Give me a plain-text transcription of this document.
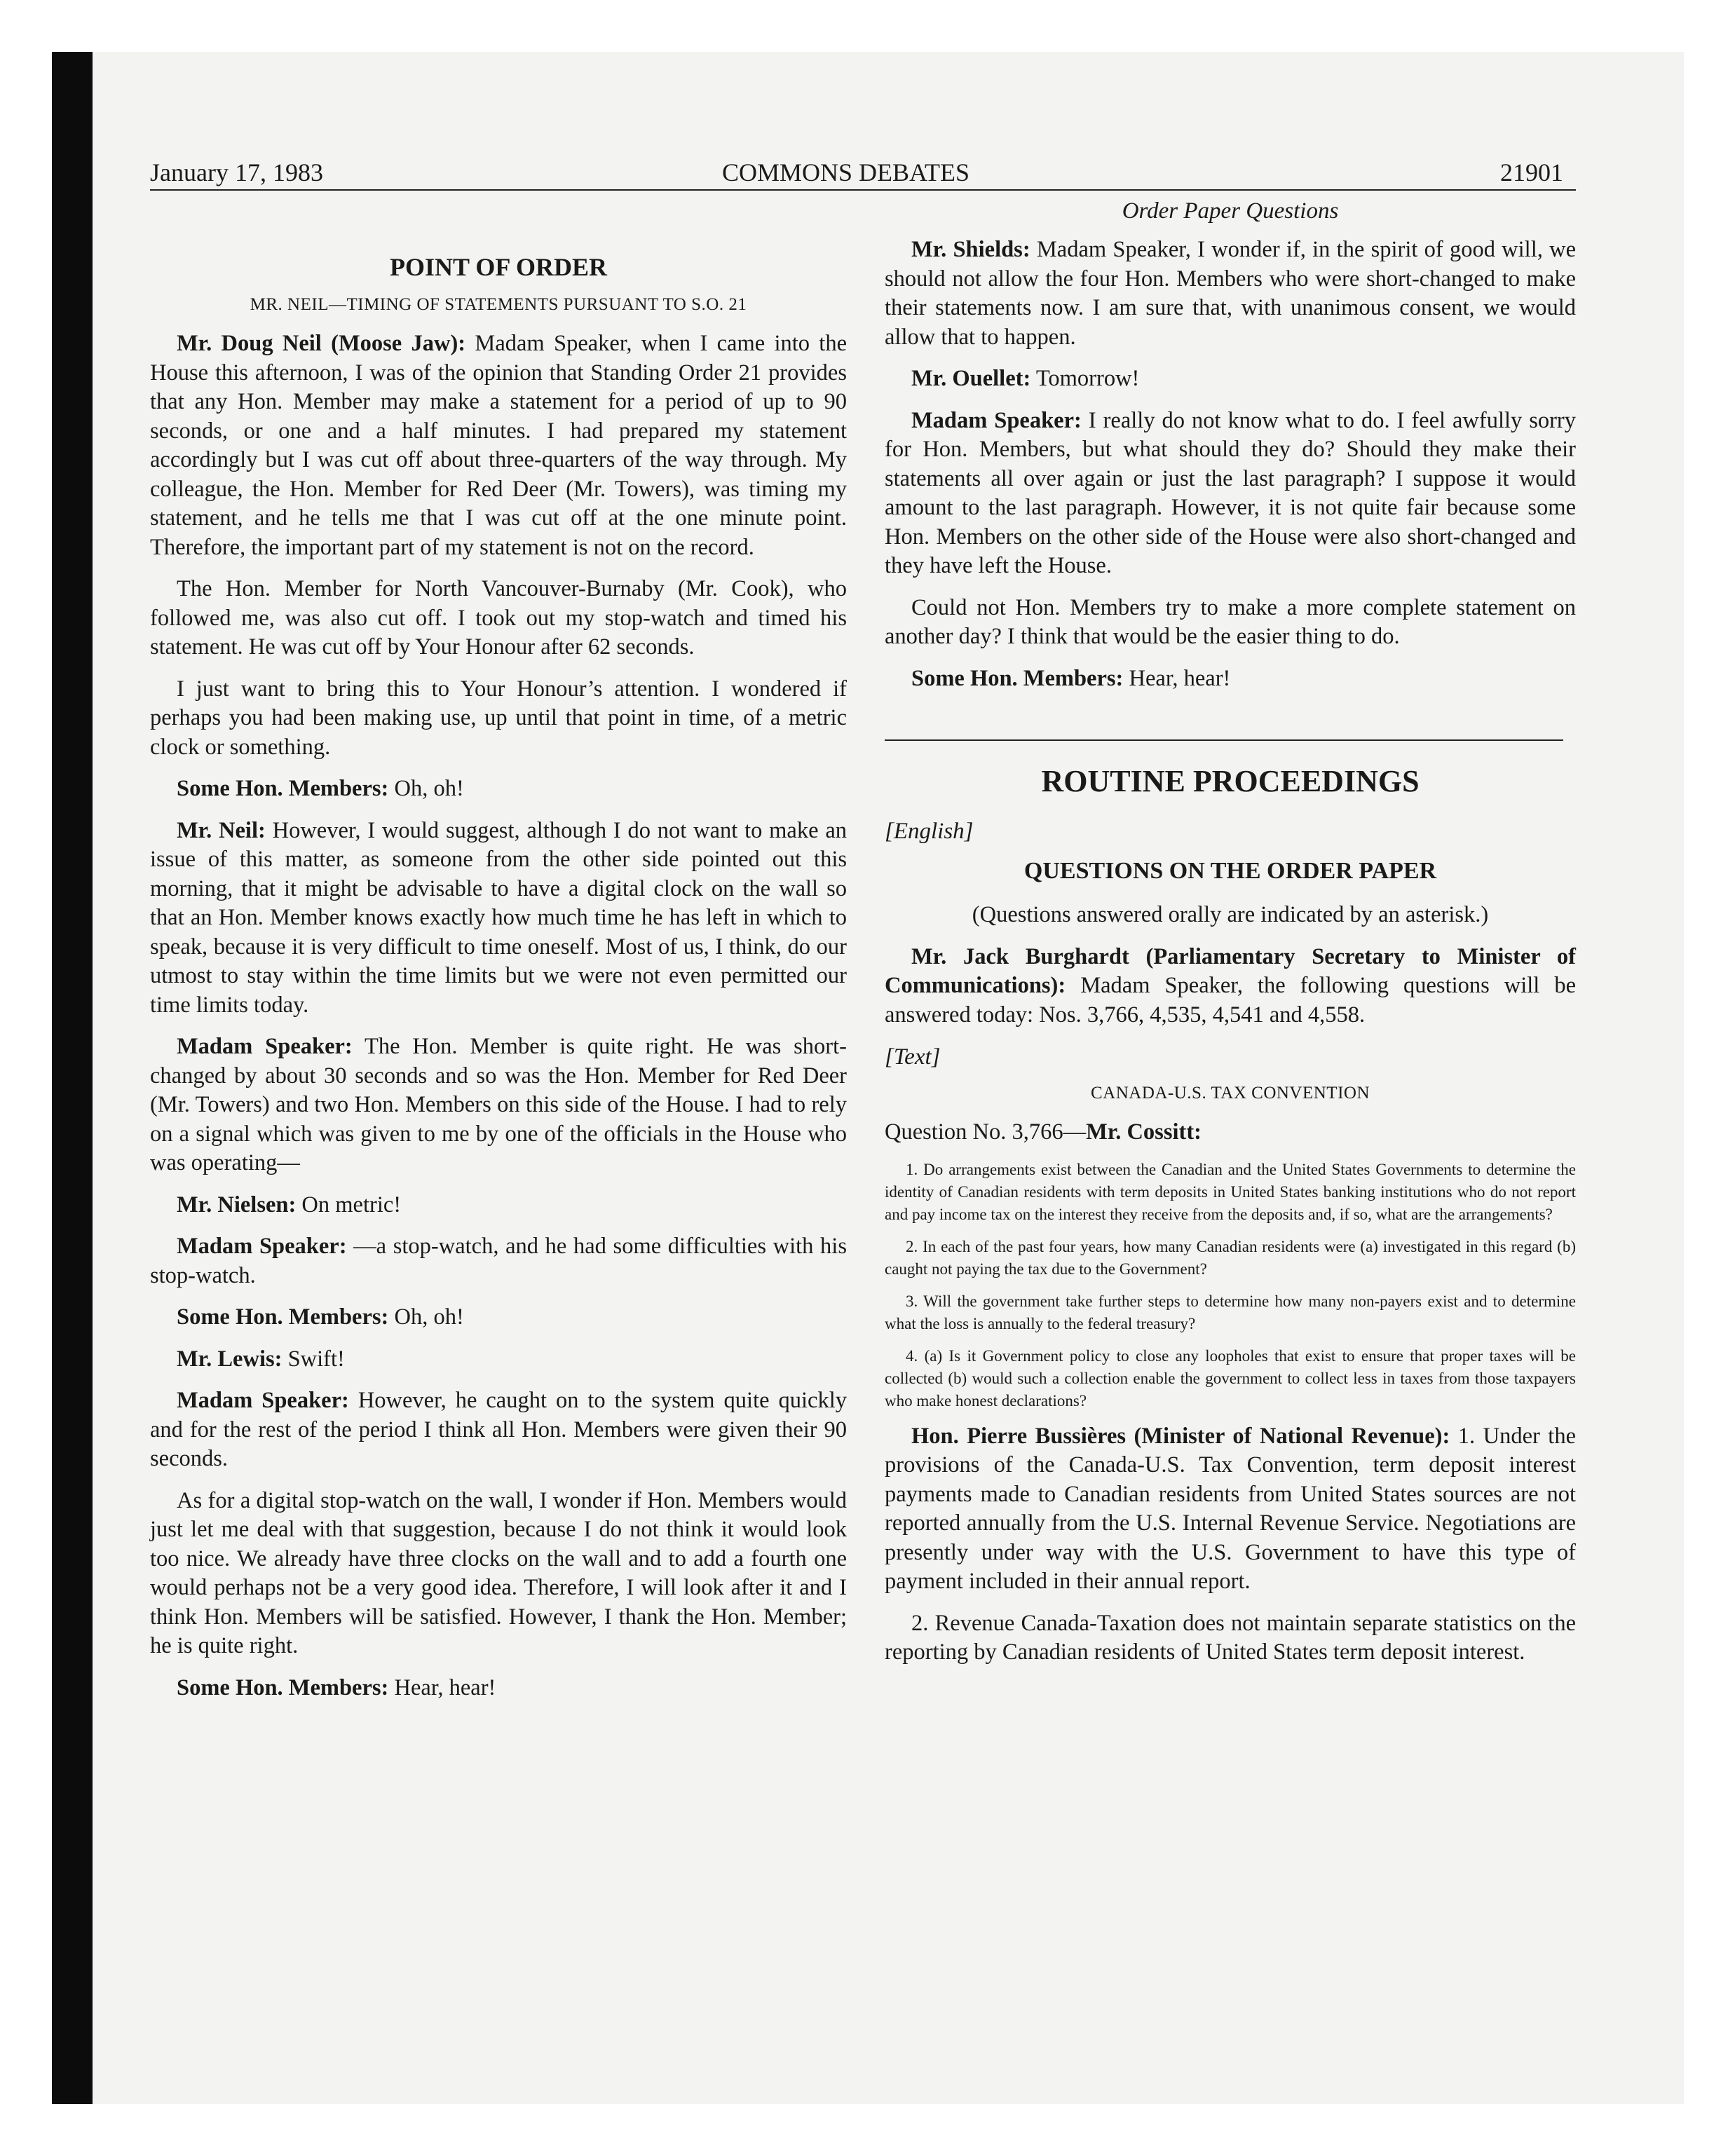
January 17, 1983	COMMONS DEBATES	21901
POINT OF ORDER
MR. NEIL—TIMING OF STATEMENTS PURSUANT TO S.O. 21

Mr. Doug Neil (Moose Jaw): Madam Speaker, when I came into the House this afternoon, I was of the opinion that Standing Order 21 provides that any Hon. Member may make a statement for a period of up to 90 seconds, or one and a half minutes. I had prepared my statement accordingly but I was cut off about three-quarters of the way through. My colleague, the Hon. Member for Red Deer (Mr. Towers), was timing my statement, and he tells me that I was cut off at the one minute point. Therefore, the important part of my statement is not on the record.

The Hon. Member for North Vancouver-Burnaby (Mr. Cook), who followed me, was also cut off. I took out my stop-watch and timed his statement. He was cut off by Your Honour after 62 seconds.

I just want to bring this to Your Honour’s attention. I wondered if perhaps you had been making use, up until that point in time, of a metric clock or something.

Some Hon. Members: Oh, oh!

Mr. Neil: However, I would suggest, although I do not want to make an issue of this matter, as someone from the other side pointed out this morning, that it might be advisable to have a digital clock on the wall so that an Hon. Member knows exactly how much time he has left in which to speak, because it is very difficult to time oneself. Most of us, I think, do our utmost to stay within the time limits but we were not even permitted our time limits today.

Madam Speaker: The Hon. Member is quite right. He was short-changed by about 30 seconds and so was the Hon. Member for Red Deer (Mr. Towers) and two Hon. Members on this side of the House. I had to rely on a signal which was given to me by one of the officials in the House who was operating—

Mr. Nielsen: On metric!

Madam Speaker: —a stop-watch, and he had some difficulties with his stop-watch.

Some Hon. Members: Oh, oh!

Mr. Lewis: Swift!

Madam Speaker: However, he caught on to the system quite quickly and for the rest of the period I think all Hon. Members were given their 90 seconds.

As for a digital stop-watch on the wall, I wonder if Hon. Members would just let me deal with that suggestion, because I do not think it would look too nice. We already have three clocks on the wall and to add a fourth one would perhaps not be a very good idea. Therefore, I will look after it and I think Hon. Members will be satisfied. However, I thank the Hon. Member; he is quite right.

Some Hon. Members: Hear, hear!

Order Paper Questions

Mr. Shields: Madam Speaker, I wonder if, in the spirit of good will, we should not allow the four Hon. Members who were short-changed to make their statements now. I am sure that, with unanimous consent, we would allow that to happen.

Mr. Ouellet: Tomorrow!

Madam Speaker: I really do not know what to do. I feel awfully sorry for Hon. Members, but what should they do? Should they make their statements all over again or just the last paragraph? I suppose it would amount to the last paragraph. However, it is not quite fair because some Hon. Members on the other side of the House were also short-changed and they have left the House.

Could not Hon. Members try to make a more complete statement on another day? I think that would be the easier thing to do.

Some Hon. Members: Hear, hear!

ROUTINE PROCEEDINGS
[English]
QUESTIONS ON THE ORDER PAPER
(Questions answered orally are indicated by an asterisk.)

Mr. Jack Burghardt (Parliamentary Secretary to Minister of Communications): Madam Speaker, the following questions will be answered today: Nos. 3,766, 4,535, 4,541 and 4,558.

[Text]
CANADA-U.S. TAX CONVENTION
Question No. 3,766—Mr. Cossitt:
1. Do arrangements exist between the Canadian and the United States Governments to determine the identity of Canadian residents with term deposits in United States banking institutions who do not report and pay income tax on the interest they receive from the deposits and, if so, what are the arrangements?
2. In each of the past four years, how many Canadian residents were (a) investigated in this regard (b) caught not paying the tax due to the Government?
3. Will the government take further steps to determine how many non-payers exist and to determine what the loss is annually to the federal treasury?
4. (a) Is it Government policy to close any loopholes that exist to ensure that proper taxes will be collected (b) would such a collection enable the government to collect less in taxes from those taxpayers who make honest declarations?

Hon. Pierre Bussières (Minister of National Revenue): 1. Under the provisions of the Canada-U.S. Tax Convention, term deposit interest payments made to Canadian residents from United States sources are not reported annually from the U.S. Internal Revenue Service. Negotiations are presently under way with the U.S. Government to have this type of payment included in their annual report.

2. Revenue Canada-Taxation does not maintain separate statistics on the reporting by Canadian residents of United States term deposit interest.
